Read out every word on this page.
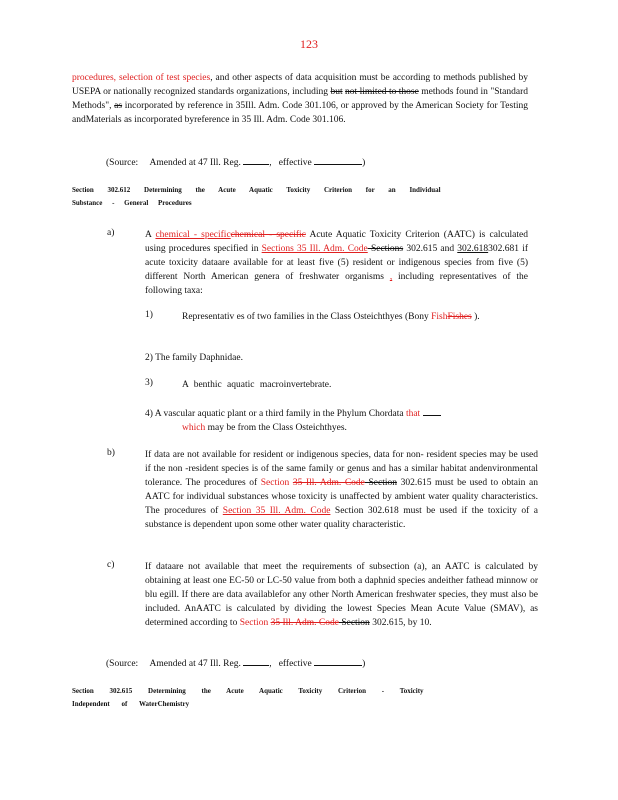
123
procedures, selection of test species, and other aspects of data acquisition must be according to methods published by USEPA or nationally recognized standards organizations, including but not limited to those methods found in "Standard Methods", as incorporated by reference in 35Ill. Adm. Code 301.106, or approved by the American Society for Testing andMaterials as incorporated byreference in 35 Ill. Adm. Code 301.106.
(Source: Amended at 47 Ill. Reg.	,   effective	)
Section 302.612 Determining the Acute Aquatic Toxicity Criterion for an Individual
Substance - General Procedures
a)	A chemical - specificchemical - specific Acute Aquatic Toxicity Criterion (AATC) is calculated using procedures specified in Sections 35 Ill. Adm. Code Sections 302.615 and 302.618302.681 if acute toxicity dataare available for at least five (5) resident or indigenous species from five (5) different North American genera of freshwater organisms , including representatives of the following taxa:
1)	Representativ es of two families in the Class Osteichthyes (Bony FishFishes ).
2) The family Daphnidae.
3)	A benthic aquatic macroinvertebrate.
4) A vascular aquatic plant or a third family in the Phylum Chordata that
which may be from the Class Osteichthyes.
b)	If data are not available for resident or indigenous species, data for non- resident species may be used if the non -resident species is of the same family or genus and has a similar habitat andenvironmental tolerance. The procedures of Section 35 Ill. Adm. Code Section 302.615 must be used to obtain an AATC for individual substances whose toxicity is unaffected by ambient water quality characteristics. The procedures of Section 35 Ill. Adm. Code Section 302.618 must be used if the toxicity of a substance is dependent upon some other water quality characteristic.
c)	If dataare not available that meet the requirements of subsection (a), an AATC is calculated by obtaining at least one EC-50 or LC-50 value from both a daphnid species andeither fathead minnow or blu egill. If there are data availablefor any other North American freshwater species, they must also be included. AnAATC is calculated by dividing the lowest Species Mean Acute Value (SMAV), as determined according to Section 35 Ill. Adm. Code Section 302.615, by 10.
(Source: Amended at 47 Ill. Reg.	,   effective	)
Section 302.615 Determining the Acute Aquatic Toxicity Criterion - Toxicity
Independent of WaterChemistry
